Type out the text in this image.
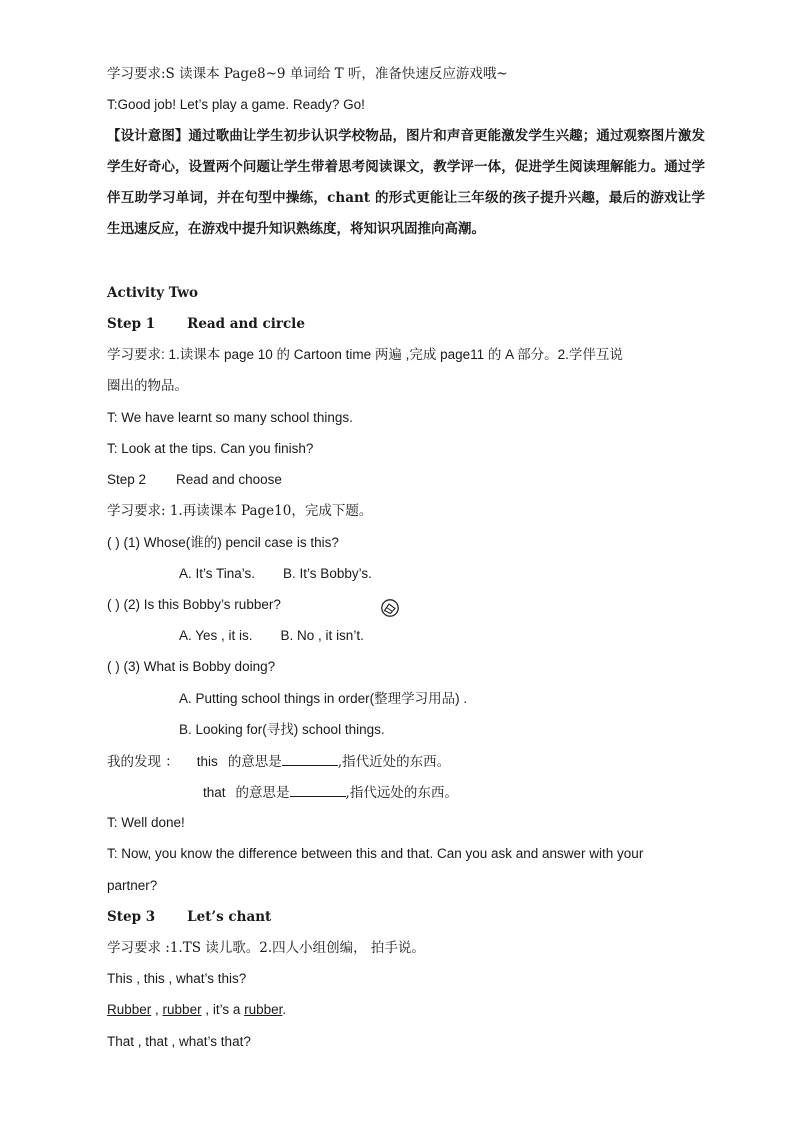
学习要求:S 读课本 Page8~9 单词给 T 听，准备快速反应游戏哦~
T:Good job! Let’s play a game. Ready? Go!
【设计意图】通过歌曲让学生初步认识学校物品，图片和声音更能激发学生兴趣；通过观察图片激发学生好奇心，设置两个问题让学生带着思考阅读课文，教学评一体，促进学生阅读理解能力。通过学伴互助学习单词，并在句型中操练，chant 的形式更能让三年级的孩子提升兴趣，最后的游戏让学生迅速反应，在游戏中提升知识熟练度，将知识巩固推向高潮。
Activity Two
Step 1 Read and circle
学习要求: 1.读课本 page 10 的 Cartoon time 两遍 ,完成 page11 的 A 部分。2.学伴互说
圈出的物品。
T: We have learnt so many school things.
T: Look at the tips. Can you finish?
Step 2 Read and choose
学习要求: 1.再读课本 Page10，完成下题。
( ) (1) Whose(谁的) pencil case is this?
A. It’s Tina’s. B. It’s Bobby’s.
( ) (2) Is this Bobby’s rubber?
A. Yes , it is. B. No , it isn’t.
( ) (3) What is Bobby doing?
A. Putting school things in order(整理学习用品) .
B. Looking for(寻找) school things.
我的发现 ： this 的意思是	,指代近处的东西。
that 的意思是	,指代远处的东西。
T: Well done!
T: Now, you know the difference between this and that. Can you ask and answer with your
partner?
Step 3 Let’s chant
学习要求 :1.TS 读儿歌。2.四人小组创编， 拍手说。
This , this , what’s this?
Rubber , rubber , it’s a rubber.
That , that , what’s that?
